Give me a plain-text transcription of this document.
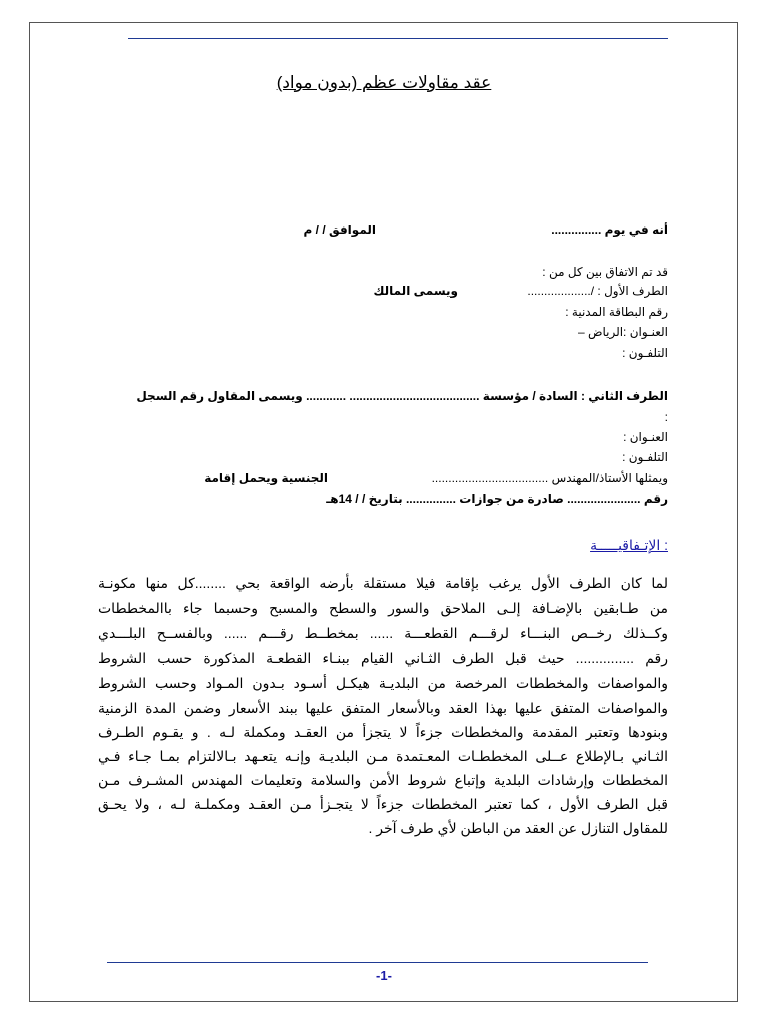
عقد مقاولات عظم (بدون مواد)
أنه في يوم ...............
الموافق / / م
قد تم الاتفاق بين كل من :
الطرف الأول : /...................
ويسمى المالك
رقم البطاقة المدنية :
العنـوان :الرياض –
التلفـون :
الطرف الثاني : السادة / مؤسسة ....................................... ............ ويسمى المقاول رقم السجل
:
العنـوان :
التلفـون :
ويمثلها الأستاذ/المهندس ...................................
الجنسية ويحمل إقامة
رقم ...................... صادرة من جوازات ............... بتاريخ / / 14هـ
: الإتـفاقيـــــة
لما كان الطرف الأول يرغب بإقامة فيلا مستقلة بأرضه الواقعة بحي ........كل منها مكونـة
من طـابقين بالإضـافة إلـى الملاحق والسور والسطح والمسبح وحسبما جاء باالمخططات
وكــذلك رخــص البنـــاء لرقـــم القطعـــة ...... بمخطــط رقـــم ...... وبالفســح البلـــدي
رقم ............... حيث قبل الطرف الثـاني القيام ببنـاء القطعـة المذكورة حسب الشروط
والمواصفات والمخططات المرخصة من البلديـة هيكـل أسـود بـدون المـواد وحسب الشروط
والمواصفات المتفق عليها بهذا العقد وبالأسعار المتفق عليها ببند الأسعار وضمن المدة الزمنية
وبنودها وتعتبر المقدمة والمخططات جزءاً لا يتجزأ من العقـد ومكملة لـه . و يقـوم الطـرف
الثـاني بـالإطلاع عــلى المخططـات المعـتمدة مـن البلديـة وإنـه يتعـهد بـالالتزام بمـا جـاء فـي
المخططات وإرشادات البلدية وإتباع شروط الأمن والسلامة وتعليمات المهندس المشـرف مـن
قبل الطرف الأول ، كما تعتبر المخططات جزءاً لا يتجـزأ مـن العقـد ومكملـة لـه ، ولا يحـق
للمقاول التنازل عن العقد من الباطن لأي طرف آخر .
-1-
